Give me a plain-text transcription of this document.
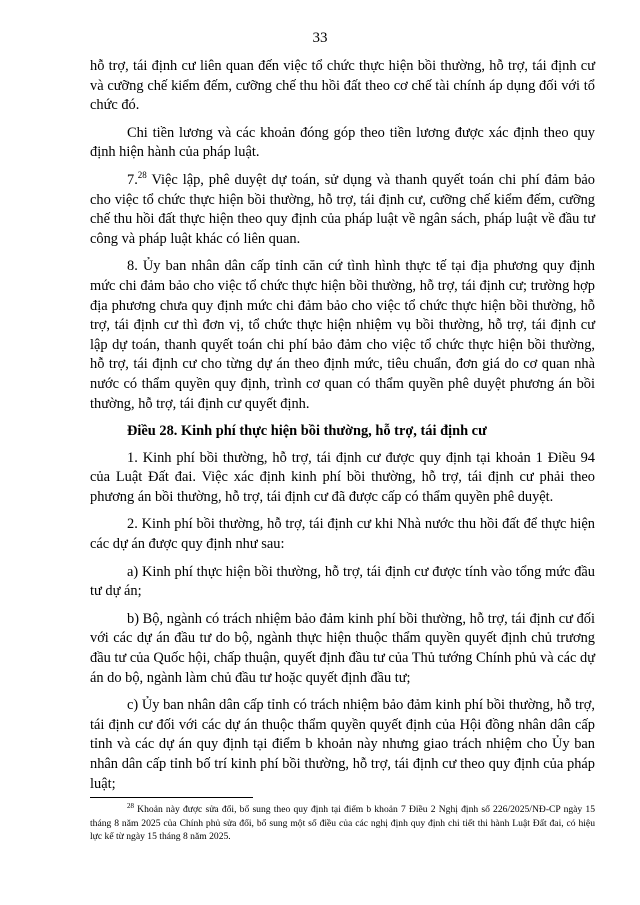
33

hỗ trợ, tái định cư liên quan đến việc tổ chức thực hiện bồi thường, hỗ trợ, tái định cư và cưỡng chế kiểm đếm, cưỡng chế thu hồi đất theo cơ chế tài chính áp dụng đối với tổ chức đó.

Chi tiền lương và các khoản đóng góp theo tiền lương được xác định theo quy định hiện hành của pháp luật.

7.28 Việc lập, phê duyệt dự toán, sử dụng và thanh quyết toán chi phí đảm bảo cho việc tổ chức thực hiện bồi thường, hỗ trợ, tái định cư, cưỡng chế kiểm đếm, cưỡng chế thu hồi đất thực hiện theo quy định của pháp luật về ngân sách, pháp luật về đầu tư công và pháp luật khác có liên quan.

8. Ủy ban nhân dân cấp tỉnh căn cứ tình hình thực tế tại địa phương quy định mức chi đảm bảo cho việc tổ chức thực hiện bồi thường, hỗ trợ, tái định cư; trường hợp địa phương chưa quy định mức chi đảm bảo cho việc tổ chức thực hiện bồi thường, hỗ trợ, tái định cư thì đơn vị, tổ chức thực hiện nhiệm vụ bồi thường, hỗ trợ, tái định cư lập dự toán, thanh quyết toán chi phí bảo đảm cho việc tổ chức thực hiện bồi thường, hỗ trợ, tái định cư cho từng dự án theo định mức, tiêu chuẩn, đơn giá do cơ quan nhà nước có thẩm quyền quy định, trình cơ quan có thẩm quyền phê duyệt phương án bồi thường, hỗ trợ, tái định cư quyết định.

Điều 28. Kinh phí thực hiện bồi thường, hỗ trợ, tái định cư

1. Kinh phí bồi thường, hỗ trợ, tái định cư được quy định tại khoản 1 Điều 94 của Luật Đất đai. Việc xác định kinh phí bồi thường, hỗ trợ, tái định cư phải theo phương án bồi thường, hỗ trợ, tái định cư đã được cấp có thẩm quyền phê duyệt.

2. Kinh phí bồi thường, hỗ trợ, tái định cư khi Nhà nước thu hồi đất để thực hiện các dự án được quy định như sau:

a) Kinh phí thực hiện bồi thường, hỗ trợ, tái định cư được tính vào tổng mức đầu tư dự án;

b) Bộ, ngành có trách nhiệm bảo đảm kinh phí bồi thường, hỗ trợ, tái định cư đối với các dự án đầu tư do bộ, ngành thực hiện thuộc thẩm quyền quyết định chủ trương đầu tư của Quốc hội, chấp thuận, quyết định đầu tư của Thủ tướng Chính phủ và các dự án do bộ, ngành làm chủ đầu tư hoặc quyết định đầu tư;

c) Ủy ban nhân dân cấp tỉnh có trách nhiệm bảo đảm kinh phí bồi thường, hỗ trợ, tái định cư đối với các dự án thuộc thẩm quyền quyết định của Hội đồng nhân dân cấp tỉnh và các dự án quy định tại điểm b khoản này nhưng giao trách nhiệm cho Ủy ban nhân dân cấp tỉnh bố trí kinh phí bồi thường, hỗ trợ, tái định cư theo quy định của pháp luật;

$^{28}$ Khoản này được sửa đổi, bổ sung theo quy định tại điểm b khoản 7 Điều 2 Nghị định số 226/2025/NĐ-CP ngày 15 tháng 8 năm 2025 của Chính phủ sửa đổi, bổ sung một số điều của các nghị định quy định chi tiết thi hành Luật Đất đai, có hiệu lực kể từ ngày 15 tháng 8 năm 2025.
